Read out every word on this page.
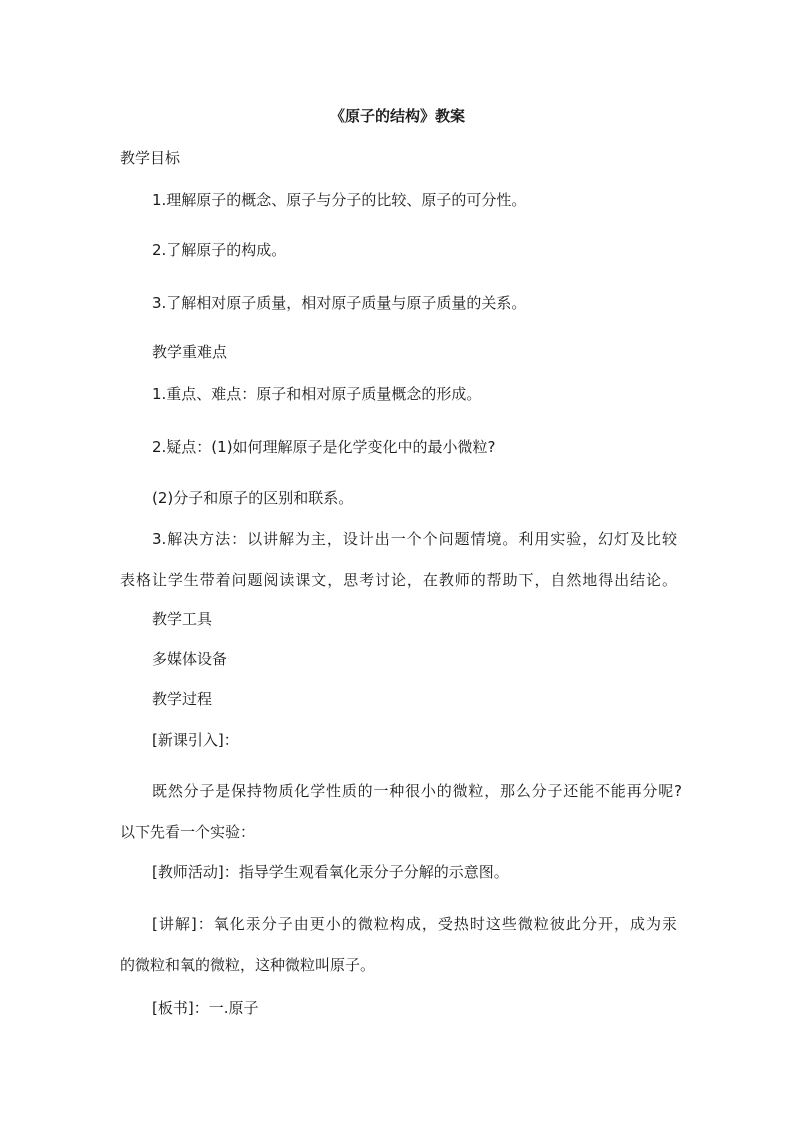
《原子的结构》教案
教学目标
1.理解原子的概念、原子与分子的比较、原子的可分性。
2.了解原子的构成。
3.了解相对原子质量，相对原子质量与原子质量的关系。
教学重难点
1.重点、难点：原子和相对原子质量概念的形成。
2.疑点：(1)如何理解原子是化学变化中的最小微粒?
(2)分子和原子的区别和联系。
3.解决方法：以讲解为主，设计出一个个问题情境。利用实验，幻灯及比较
表格让学生带着问题阅读课文，思考讨论，在教师的帮助下，自然地得出结论。
教学工具
多媒体设备
教学过程
[新课引入]：
既然分子是保持物质化学性质的一种很小的微粒，那么分子还能不能再分呢?
以下先看一个实验：
[教师活动]：指导学生观看氧化汞分子分解的示意图。
[讲解]：氧化汞分子由更小的微粒构成，受热时这些微粒彼此分开，成为汞
的微粒和氧的微粒，这种微粒叫原子。
[板书]：一.原子
